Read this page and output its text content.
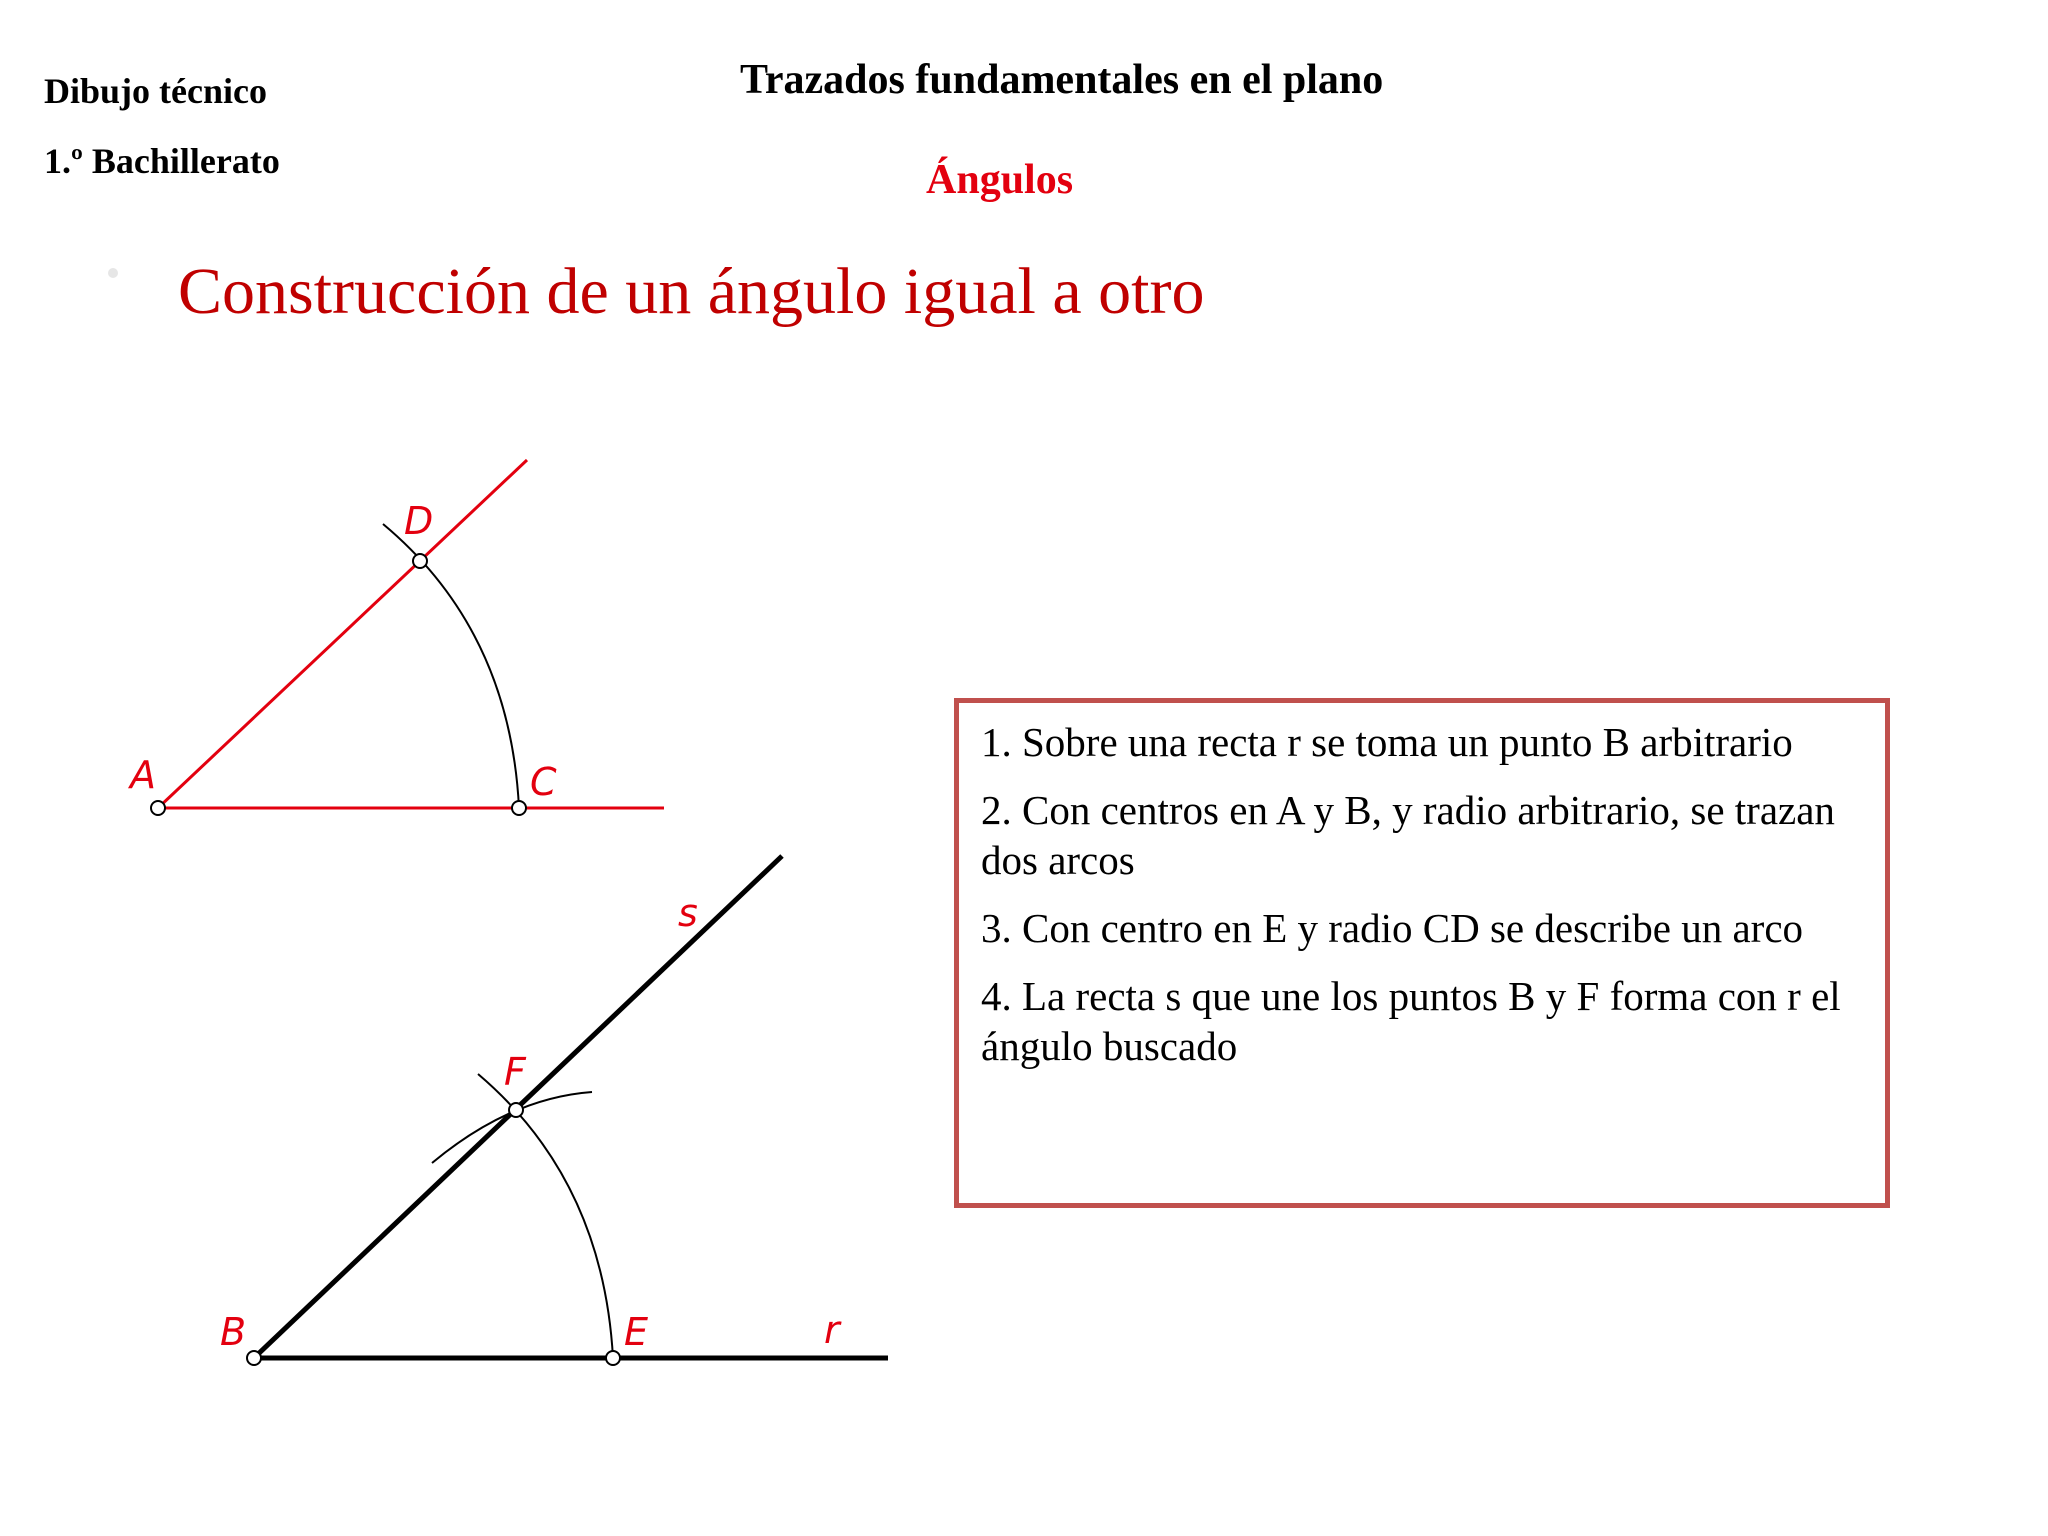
Dibujo técnico
1.º Bachillerato
Trazados fundamentales en el plano
Ángulos
Construcción de un ángulo igual a otro
A	C
D
B	E
F
r
s
1. Sobre una recta r se toma un punto B arbitrario
2. Con centros en A y B, y radio arbitrario, se trazan dos arcos
3. Con centro en E y radio CD se describe un arco
4. La recta s que une los puntos B y F forma con r el ángulo buscado
